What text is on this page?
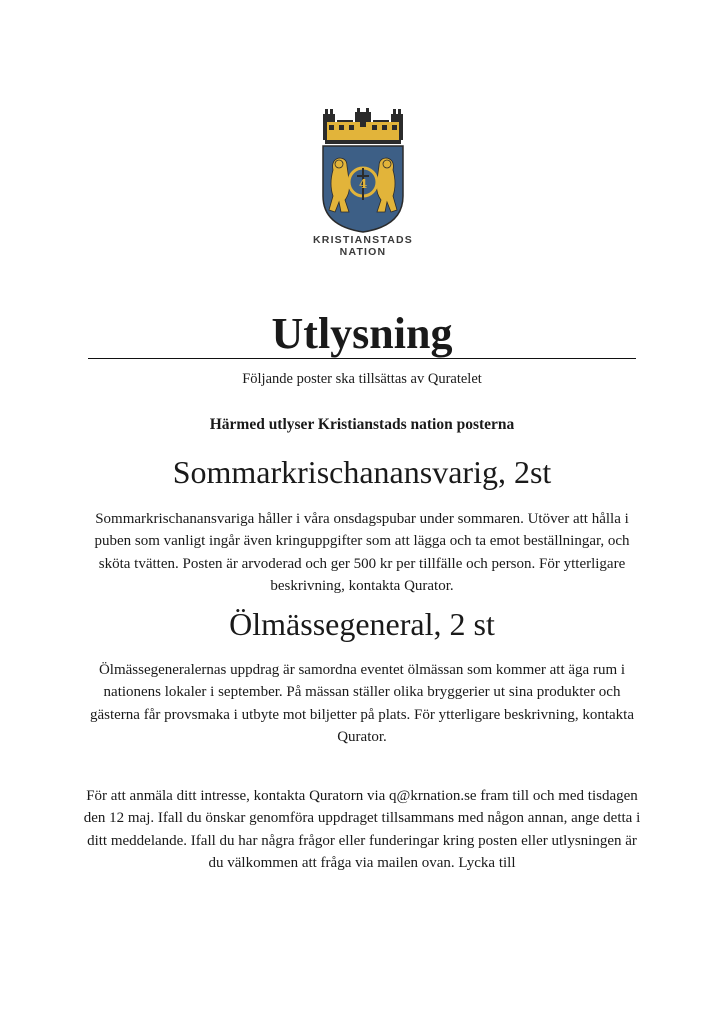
4
KRISTIANSTADS
NATION
Utlysning
Följande poster ska tillsättas av Quratelet
Härmed utlyser Kristianstads nation posterna
Sommarkrischanansvarig, 2st

Sommarkrischanansvariga håller i våra onsdagspubar under sommaren. Utöver att hålla i puben som vanligt ingår även kringuppgifter som att lägga och ta emot beställningar, och sköta tvätten. Posten är arvoderad och ger 500 kr per tillfälle och person. För ytterligare beskrivning, kontakta Qurator.

Ölmässegeneral, 2 st

Ölmässegeneralernas uppdrag är samordna eventet ölmässan som kommer att äga rum i nationens lokaler i september. På mässan ställer olika bryggerier ut sina produkter och gästerna får provsmaka i utbyte mot biljetter på plats. För ytterligare beskrivning, kontakta Qurator.

För att anmäla ditt intresse, kontakta Quratorn via q@krnation.se fram till och med tisdagen den 12 maj. Ifall du önskar genomföra uppdraget tillsammans med någon annan, ange detta i ditt meddelande. Ifall du har några frågor eller funderingar kring posten eller utlysningen är du välkommen att fråga via mailen ovan. Lycka till
